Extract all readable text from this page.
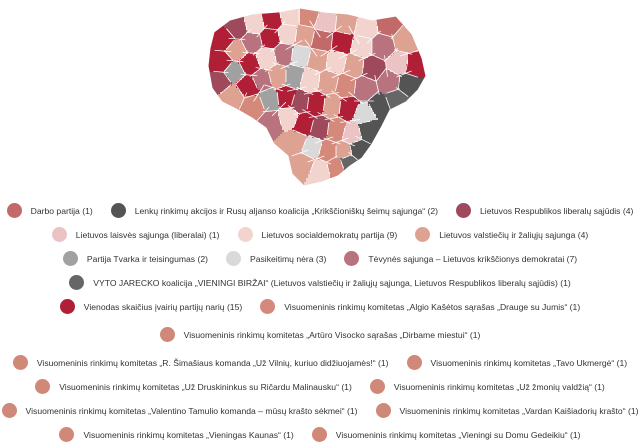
Darbo partija (1)	Lenkų rinkimų akcijos ir Rusų aljanso koalicija „Krikščioniškų šeimų sąjunga“ (2)	Lietuvos Respublikos liberalų sąjūdis (4)
Lietuvos laisvės sąjunga (liberalai) (1)	Lietuvos socialdemokratų partija (9)	Lietuvos valstiečių ir žaliųjų sąjunga (4)
Partija Tvarka ir teisingumas (2)	Pasikeitimų nėra (3)	Tėvynės sąjunga – Lietuvos krikščionys demokratai (7)
VYTO JARECKO koalicija „VIENINGI BIRŽAI“ (Lietuvos valstiečių ir žaliųjų sąjunga, Lietuvos Respublikos liberalų sąjūdis) (1)
Vienodas skaičius įvairių partijų narių (15)	Visuomeninis rinkimų komitetas „Algio Kašėtos sąrašas „Drauge su Jumis“ (1)
Visuomeninis rinkimų komitetas „Artūro Visocko sąrašas „Dirbame miestui“ (1)
Visuomeninis rinkimų komitetas „R. Šimašiaus komanda „Už Vilnių, kuriuo didžiuojamės!“ (1)	Visuomeninis rinkimų komitetas „Tavo Ukmergė“ (1)
Visuomeninis rinkimų komitetas „Už Druskininkus su Ričardu Malinausku“ (1)	Visuomeninis rinkimų komitetas „Už žmonių valdžią“ (1)
Visuomeninis rinkimų komitetas „Valentino Tamulio komanda – mūsų krašto sėkmei“ (1)	Visuomeninis rinkimų komitetas „Vardan Kaišiadorių krašto“ (1)
Visuomeninis rinkimų komitetas „Vieningas Kaunas“ (1)	Visuomeninis rinkimų komitetas „Vieningi su Domu Gedeikiu“ (1)
